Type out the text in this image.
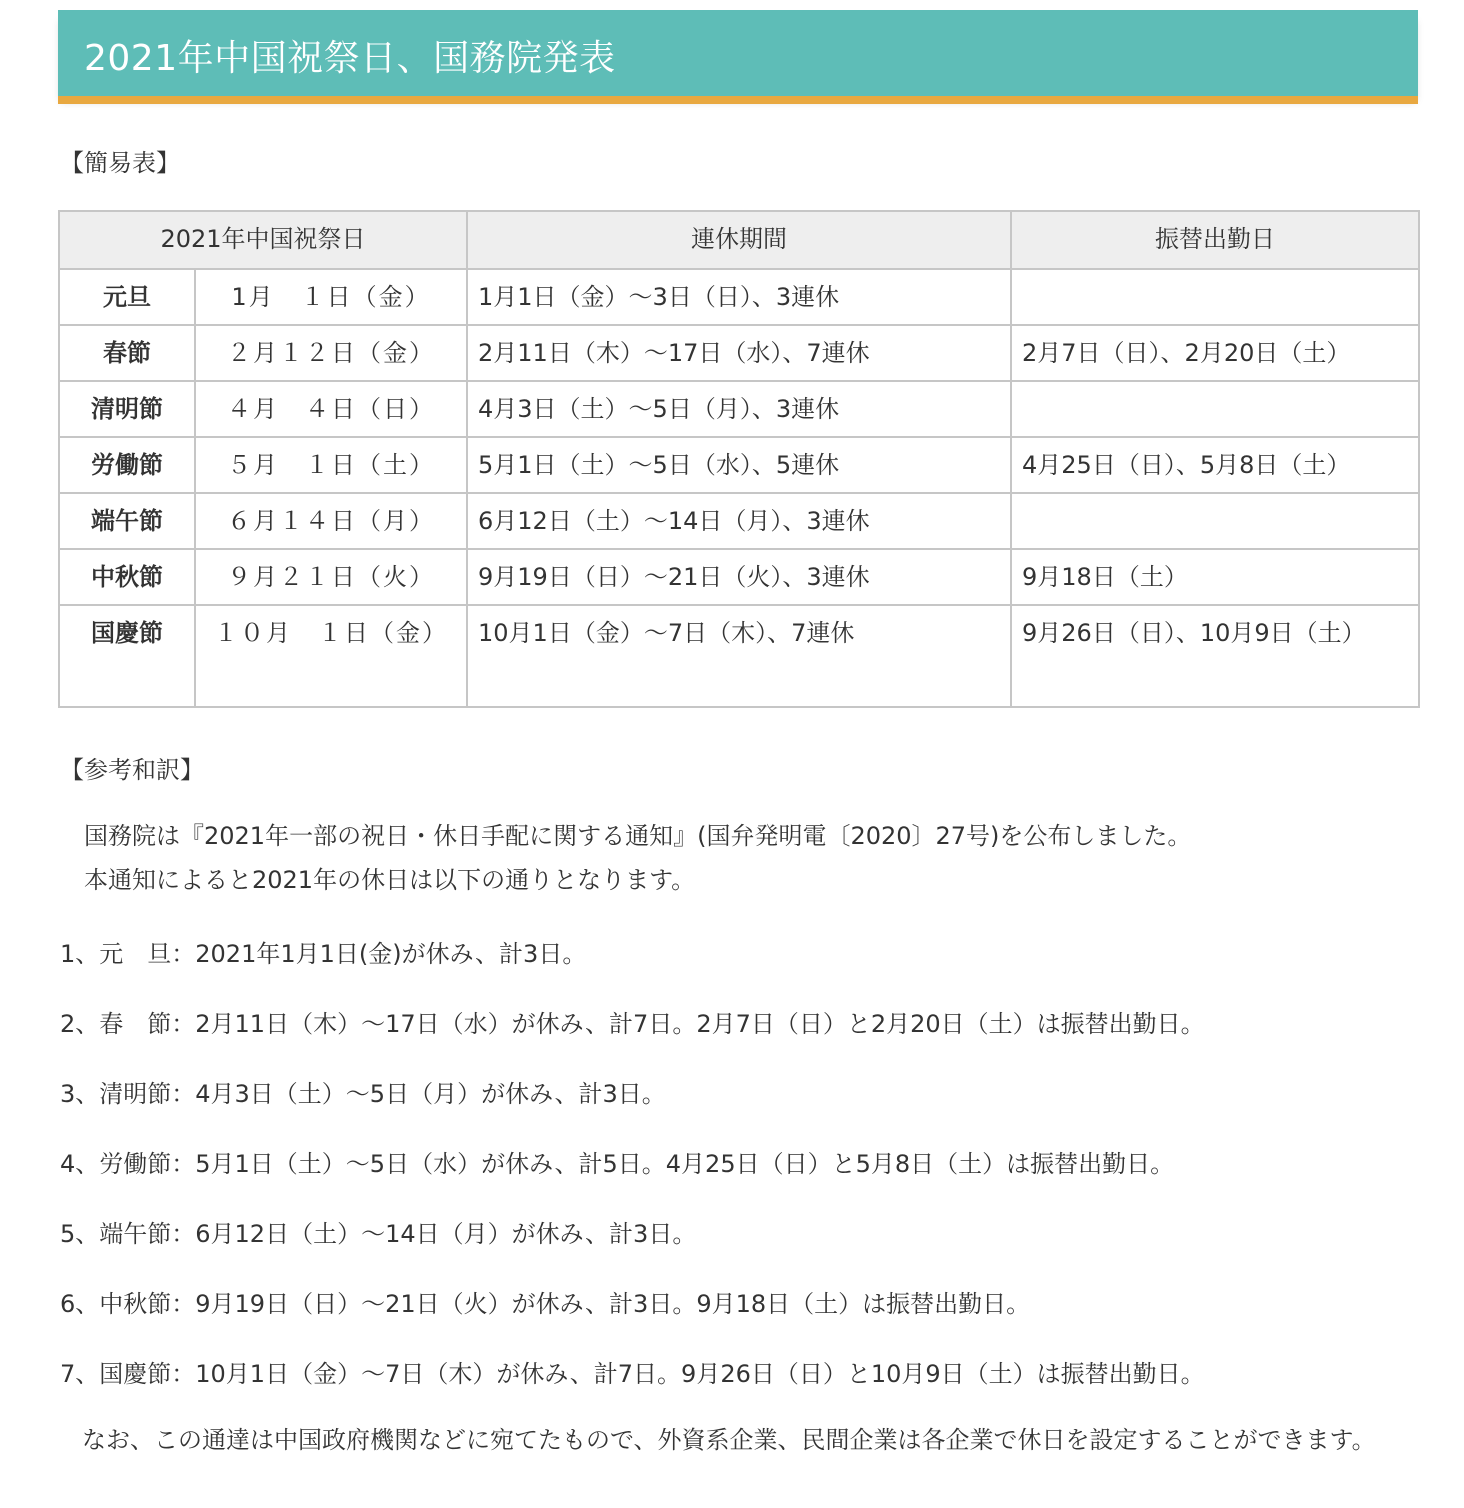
2021年中国祝祭日、国務院発表
【簡易表】
2021年中国祝祭日		連休期間	振替出勤日
元旦	1月　１日（金）	1月1日（金）〜3日（日）、3連休	
春節	２月１２日（金）	2月11日（木）〜17日（水）、7連休	2月7日（日）、2月20日（土）
清明節	４月　４日（日）	4月3日（土）〜5日（月）、3連休	
労働節	５月　１日（土）	5月1日（土）〜5日（水）、5連休	4月25日（日）、5月8日（土）
端午節	６月１４日（月）	6月12日（土）〜14日（月）、3連休	
中秋節	９月２１日（火）	9月19日（日）〜21日（火）、3連休	9月18日（土）
国慶節	１０月　１日（金）	10月1日（金）〜7日（木）、7連休	9月26日（日）、10月9日（土）
【参考和訳】
国務院は『2021年一部の祝日・休日手配に関する通知』(国弁発明電〔2020〕27号)を公布しました。
本通知によると2021年の休日は以下の通りとなります。
1、元　旦：2021年1月1日(金)が休み、計3日。
2、春　節：2月11日（木）〜17日（水）が休み、計7日。2月7日（日）と2月20日（土）は振替出勤日。
3、清明節：4月3日（土）〜5日（月）が休み、計3日。
4、労働節：5月1日（土）〜5日（水）が休み、計5日。4月25日（日）と5月8日（土）は振替出勤日。
5、端午節：6月12日（土）〜14日（月）が休み、計3日。
6、中秋節：9月19日（日）〜21日（火）が休み、計3日。9月18日（土）は振替出勤日。
7、国慶節：10月1日（金）〜7日（木）が休み、計7日。9月26日（日）と10月9日（土）は振替出勤日。
なお、この通達は中国政府機関などに宛てたもので、外資系企業、民間企業は各企業で休日を設定することができます。
